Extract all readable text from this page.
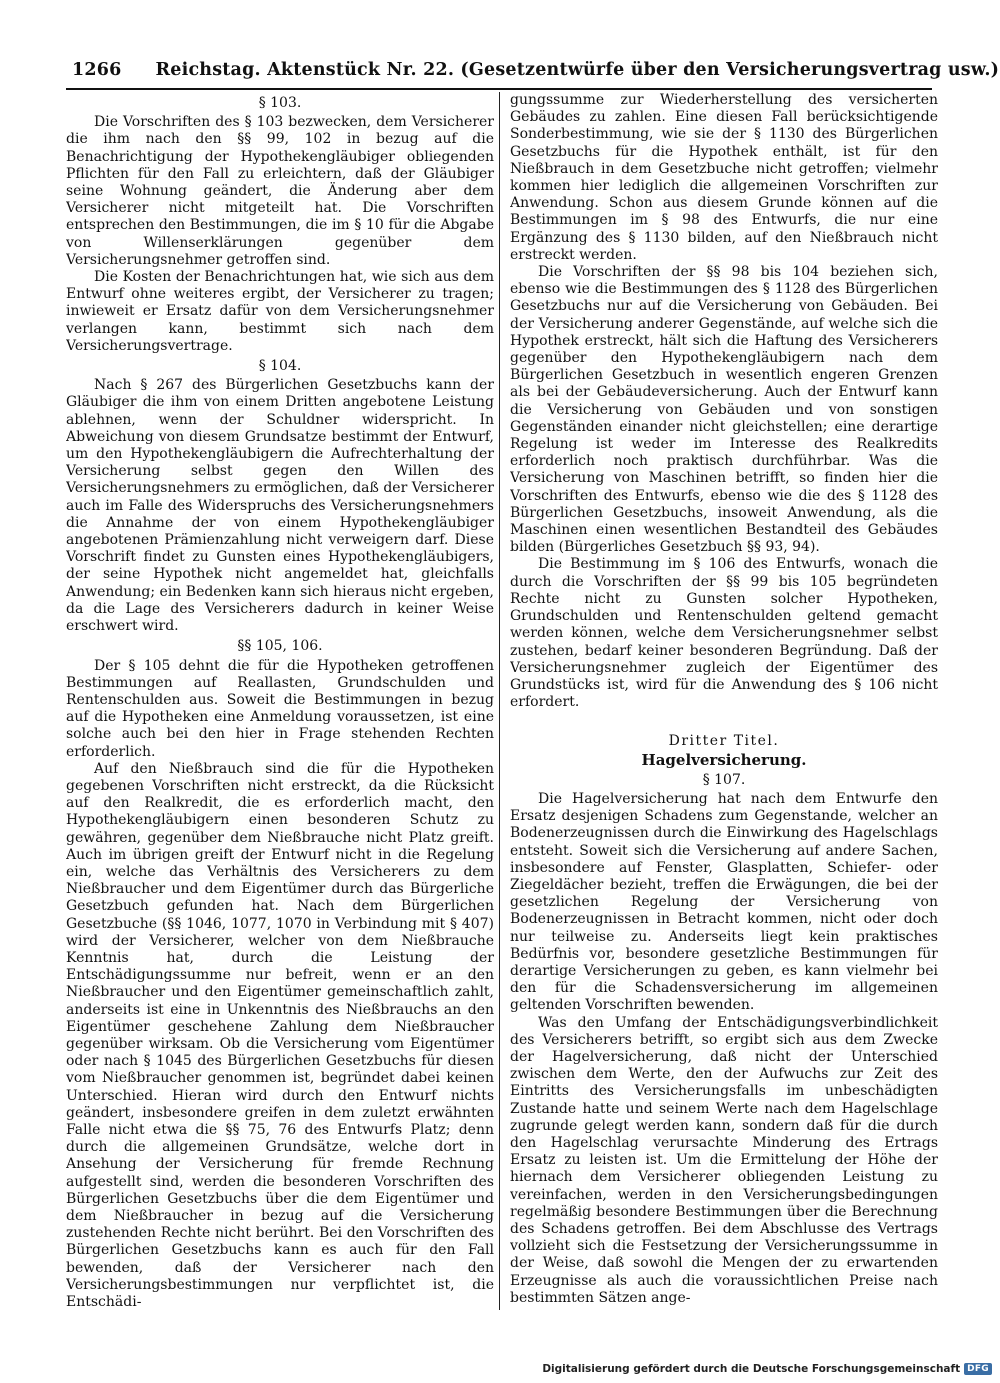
1266 Reichstag. Aktenstück Nr. 22. (Gesetzentwürfe über den Versicherungsvertrag usw.)
§ 103.

Die Vorschriften des § 103 bezwecken, dem Versicherer die ihm nach den §§ 99, 102 in bezug auf die Benachrichtigung der Hypothekengläubiger obliegenden Pflichten für den Fall zu erleichtern, daß der Gläubiger seine Wohnung geändert, die Änderung aber dem Versicherer nicht mitgeteilt hat. Die Vorschriften entsprechen den Bestimmungen, die im § 10 für die Abgabe von Willenserklärungen gegenüber dem Versicherungsnehmer getroffen sind.

Die Kosten der Benachrichtungen hat, wie sich aus dem Entwurf ohne weiteres ergibt, der Versicherer zu tragen; inwieweit er Ersatz dafür von dem Versicherungsnehmer verlangen kann, bestimmt sich nach dem Versicherungsvertrage.

§ 104.

Nach § 267 des Bürgerlichen Gesetzbuchs kann der Gläubiger die ihm von einem Dritten angebotene Leistung ablehnen, wenn der Schuldner widerspricht. In Abweichung von diesem Grundsatze bestimmt der Entwurf, um den Hypothekengläubigern die Aufrechterhaltung der Versicherung selbst gegen den Willen des Versicherungsnehmers zu ermöglichen, daß der Versicherer auch im Falle des Widerspruchs des Versicherungsnehmers die Annahme der von einem Hypothekengläubiger angebotenen Prämienzahlung nicht verweigern darf. Diese Vorschrift findet zu Gunsten eines Hypothekengläubigers, der seine Hypothek nicht angemeldet hat, gleichfalls Anwendung; ein Bedenken kann sich hieraus nicht ergeben, da die Lage des Versicherers dadurch in keiner Weise erschwert wird.

§§ 105, 106.

Der § 105 dehnt die für die Hypotheken getroffenen Bestimmungen auf Reallasten, Grundschulden und Rentenschulden aus. Soweit die Bestimmungen in bezug auf die Hypotheken eine Anmeldung voraussetzen, ist eine solche auch bei den hier in Frage stehenden Rechten erforderlich.

Auf den Nießbrauch sind die für die Hypotheken gegebenen Vorschriften nicht erstreckt, da die Rücksicht auf den Realkredit, die es erforderlich macht, den Hypothekengläubigern einen besonderen Schutz zu gewähren, gegenüber dem Nießbrauche nicht Platz greift. Auch im übrigen greift der Entwurf nicht in die Regelung ein, welche das Verhältnis des Versicherers zu dem Nießbraucher und dem Eigentümer durch das Bürgerliche Gesetzbuch gefunden hat. Nach dem Bürgerlichen Gesetzbuche (§§ 1046, 1077, 1070 in Verbindung mit § 407) wird der Versicherer, welcher von dem Nießbrauche Kenntnis hat, durch die Leistung der Entschädigungssumme nur befreit, wenn er an den Nießbraucher und den Eigentümer gemeinschaftlich zahlt, anderseits ist eine in Unkenntnis des Nießbrauchs an den Eigentümer geschehene Zahlung dem Nießbraucher gegenüber wirksam. Ob die Versicherung vom Eigentümer oder nach § 1045 des Bürgerlichen Gesetzbuchs für diesen vom Nießbraucher genommen ist, begründet dabei keinen Unterschied. Hieran wird durch den Entwurf nichts geändert, insbesondere greifen in dem zuletzt erwähnten Falle nicht etwa die §§ 75, 76 des Entwurfs Platz; denn durch die allgemeinen Grundsätze, welche dort in Ansehung der Versicherung für fremde Rechnung aufgestellt sind, werden die besonderen Vorschriften des Bürgerlichen Gesetzbuchs über die dem Eigentümer und dem Nießbraucher in bezug auf die Versicherung zustehenden Rechte nicht berührt. Bei den Vorschriften des Bürgerlichen Gesetzbuchs kann es auch für den Fall bewenden, daß der Versicherer nach den Versicherungsbestimmungen nur verpflichtet ist, die Entschädi-

gungssumme zur Wiederherstellung des versicherten Gebäudes zu zahlen. Eine diesen Fall berücksichtigende Sonderbestimmung, wie sie der § 1130 des Bürgerlichen Gesetzbuchs für die Hypothek enthält, ist für den Nießbrauch in dem Gesetzbuche nicht getroffen; vielmehr kommen hier lediglich die allgemeinen Vorschriften zur Anwendung. Schon aus diesem Grunde können auf die Bestimmungen im § 98 des Entwurfs, die nur eine Ergänzung des § 1130 bilden, auf den Nießbrauch nicht erstreckt werden.

Die Vorschriften der §§ 98 bis 104 beziehen sich, ebenso wie die Bestimmungen des § 1128 des Bürgerlichen Gesetzbuchs nur auf die Versicherung von Gebäuden. Bei der Versicherung anderer Gegenstände, auf welche sich die Hypothek erstreckt, hält sich die Haftung des Versicherers gegenüber den Hypothekengläubigern nach dem Bürgerlichen Gesetzbuch in wesentlich engeren Grenzen als bei der Gebäudeversicherung. Auch der Entwurf kann die Versicherung von Gebäuden und von sonstigen Gegenständen einander nicht gleichstellen; eine derartige Regelung ist weder im Interesse des Realkredits erforderlich noch praktisch durchführbar. Was die Versicherung von Maschinen betrifft, so finden hier die Vorschriften des Entwurfs, ebenso wie die des § 1128 des Bürgerlichen Gesetzbuchs, insoweit Anwendung, als die Maschinen einen wesentlichen Bestandteil des Gebäudes bilden (Bürgerliches Gesetzbuch §§ 93, 94).

Die Bestimmung im § 106 des Entwurfs, wonach die durch die Vorschriften der §§ 99 bis 105 begründeten Rechte nicht zu Gunsten solcher Hypotheken, Grundschulden und Rentenschulden geltend gemacht werden können, welche dem Versicherungsnehmer selbst zustehen, bedarf keiner besonderen Begründung. Daß der Versicherungsnehmer zugleich der Eigentümer des Grundstücks ist, wird für die Anwendung des § 106 nicht erfordert.

Dritter Titel.
Hagelversicherung.
§ 107.

Die Hagelversicherung hat nach dem Entwurfe den Ersatz desjenigen Schadens zum Gegenstande, welcher an Bodenerzeugnissen durch die Einwirkung des Hagelschlags entsteht. Soweit sich die Versicherung auf andere Sachen, insbesondere auf Fenster, Glasplatten, Schiefer- oder Ziegeldächer bezieht, treffen die Erwägungen, die bei der gesetzlichen Regelung der Versicherung von Bodenerzeugnissen in Betracht kommen, nicht oder doch nur teilweise zu. Anderseits liegt kein praktisches Bedürfnis vor, besondere gesetzliche Bestimmungen für derartige Versicherungen zu geben, es kann vielmehr bei den für die Schadensversicherung im allgemeinen geltenden Vorschriften bewenden.

Was den Umfang der Entschädigungsverbindlichkeit des Versicherers betrifft, so ergibt sich aus dem Zwecke der Hagelversicherung, daß nicht der Unterschied zwischen dem Werte, den der Aufwuchs zur Zeit des Eintritts des Versicherungsfalls im unbeschädigten Zustande hatte und seinem Werte nach dem Hagelschlage zugrunde gelegt werden kann, sondern daß für die durch den Hagelschlag verursachte Minderung des Ertrags Ersatz zu leisten ist. Um die Ermittelung der Höhe der hiernach dem Versicherer obliegenden Leistung zu vereinfachen, werden in den Versicherungsbedingungen regelmäßig besondere Bestimmungen über die Berechnung des Schadens getroffen. Bei dem Abschlusse des Vertrags vollzieht sich die Festsetzung der Versicherungssumme in der Weise, daß sowohl die Mengen der zu erwartenden Erzeugnisse als auch die voraussichtlichen Preise nach bestimmten Sätzen ange-

Digitalisierung gefördert durch die Deutsche Forschungsgemeinschaft DFG
